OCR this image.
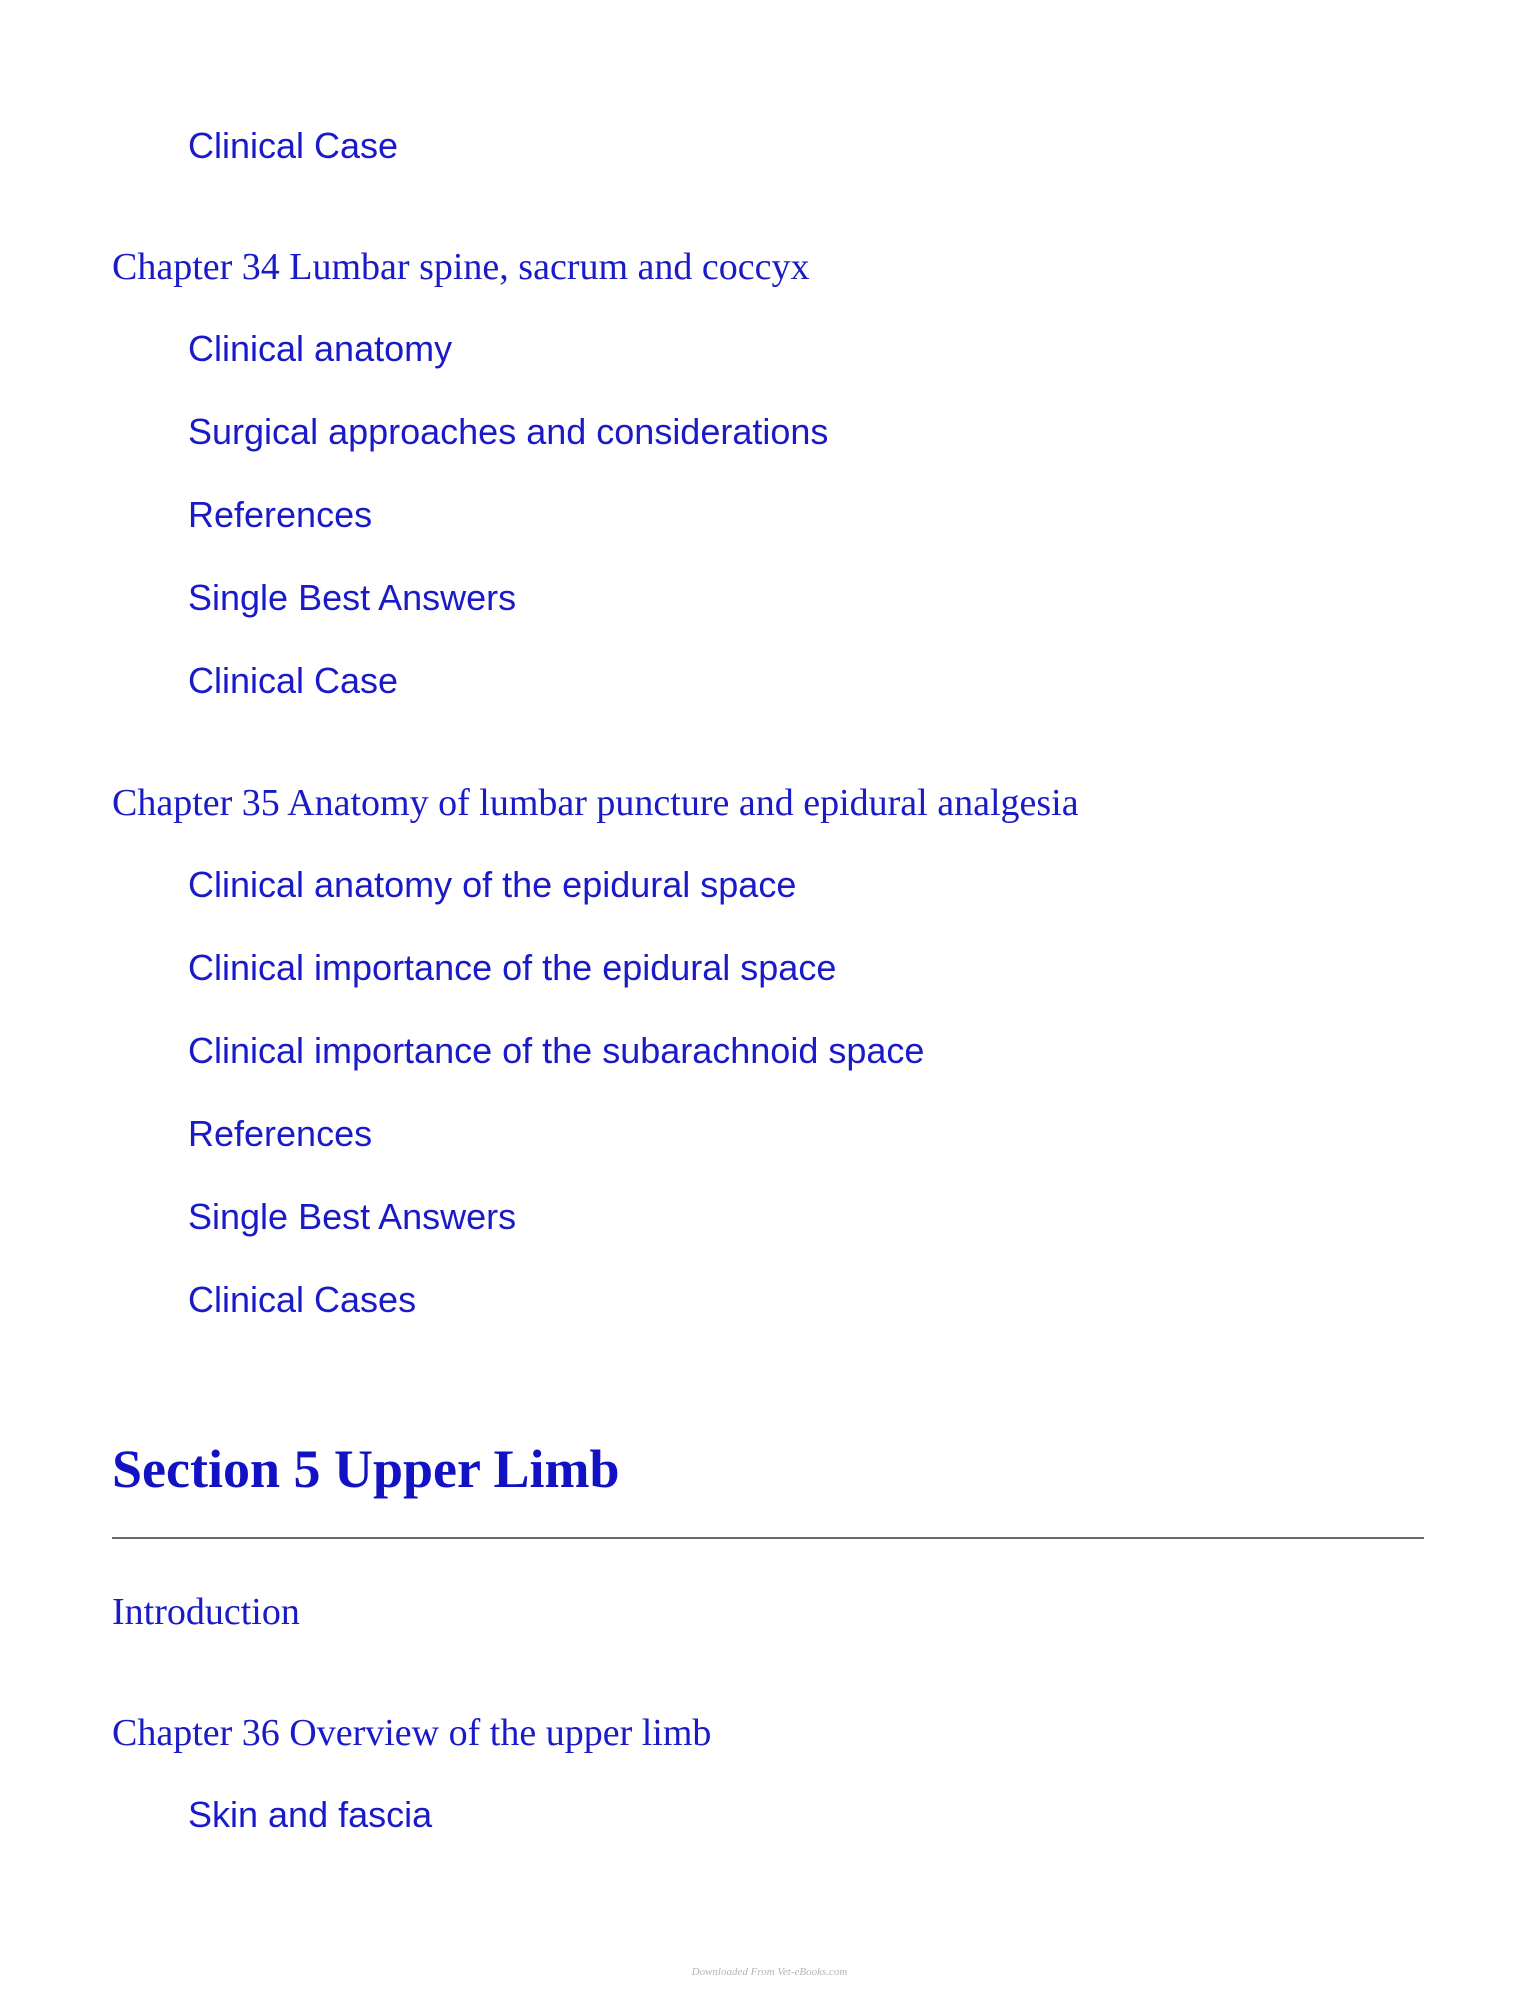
Clinical Case

Chapter 34 Lumbar spine, sacrum and coccyx

Clinical anatomy

Surgical approaches and considerations

References

Single Best Answers

Clinical Case

Chapter 35 Anatomy of lumbar puncture and epidural analgesia

Clinical anatomy of the epidural space

Clinical importance of the epidural space

Clinical importance of the subarachnoid space

References

Single Best Answers

Clinical Cases

Section 5 Upper Limb

Introduction

Chapter 36 Overview of the upper limb

Skin and fascia

Downloaded From Vet-eBooks.com
